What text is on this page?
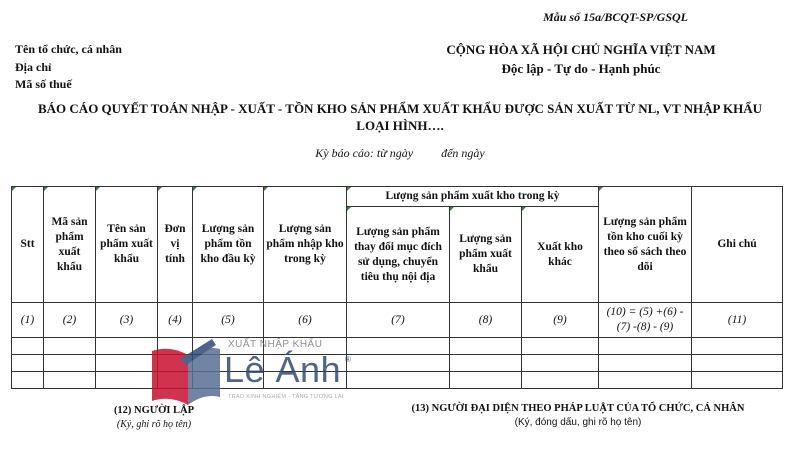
Mẫu số 15a/BCQT-SP/GSQL
Tên tổ chức, cá nhân
Địa chỉ
Mã số thuế
CỘNG HÒA XÃ HỘI CHỦ NGHĨA VIỆT NAM
Độc lập - Tự do - Hạnh phúc
BÁO CÁO QUYẾT TOÁN NHẬP - XUẤT - TỒN KHO SẢN PHẨM XUẤT KHẨU ĐƯỢC SẢN XUẤT TỪ NL, VT NHẬP KHẨU
LOẠI HÌNH….
Kỳ báo cáo: từ ngày đến ngày
Stt	Mã sản phẩm xuất khẩu	Tên sản phẩm xuất khẩu	Đơn vị tính	Lượng sản phẩm tồn kho đầu kỳ	Lượng sản phẩm nhập kho trong kỳ	Lượng sản phẩm xuất kho trong kỳ			Lượng sản phẩm tồn kho cuối kỳ theo sổ sách theo dõi	Ghi chú
						Lượng sản phẩm thay đổi mục đích sử dụng, chuyển tiêu thụ nội địa	Lượng sản phẩm xuất khẩu	Xuất kho khác		
(1)	(2)	(3)	(4)	(5)	(6)	(7)	(8)	(9)	(10) = (5) +(6) - (7) -(8) - (9)	(11)

XUẤT NHẬP KHẨU
Lê Ánh ®
TRAO KINH NGHIỆM - TẶNG TƯƠNG LAI
(12) NGƯỜI LẬP
(Ký, ghi rõ họ tên)
(13) NGƯỜI ĐẠI DIỆN THEO PHÁP LUẬT CỦA TỔ CHỨC, CÁ NHÂN
(Ký, đóng dấu, ghi rõ họ tên)
